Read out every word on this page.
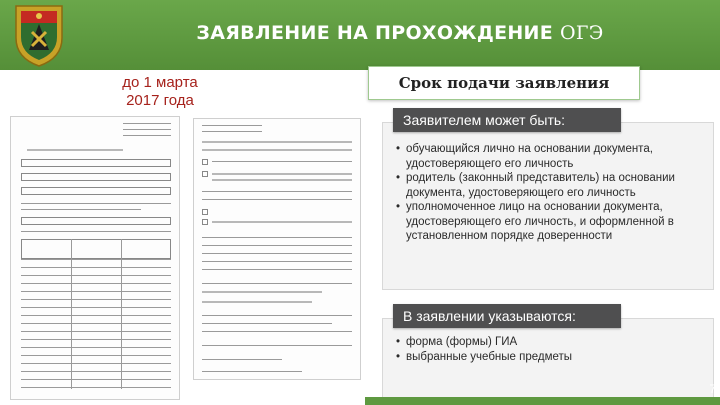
ЗАЯВЛЕНИЕ НА ПРОХОЖДЕНИЕ ОГЭ
до 1 марта
2017 года
Срок подачи заявления
Заявителем может быть:
• обучающийся лично на основании документа, удостоверяющего его личность
• родитель (законный представитель) на основании документа, удостоверяющего его личность
• уполномоченное лицо на основании документа, удостоверяющего его личность, и оформленной в установленном порядке доверенности
В заявлении указываются:
• форма (формы) ГИА
• выбранные учебные предметы
7
